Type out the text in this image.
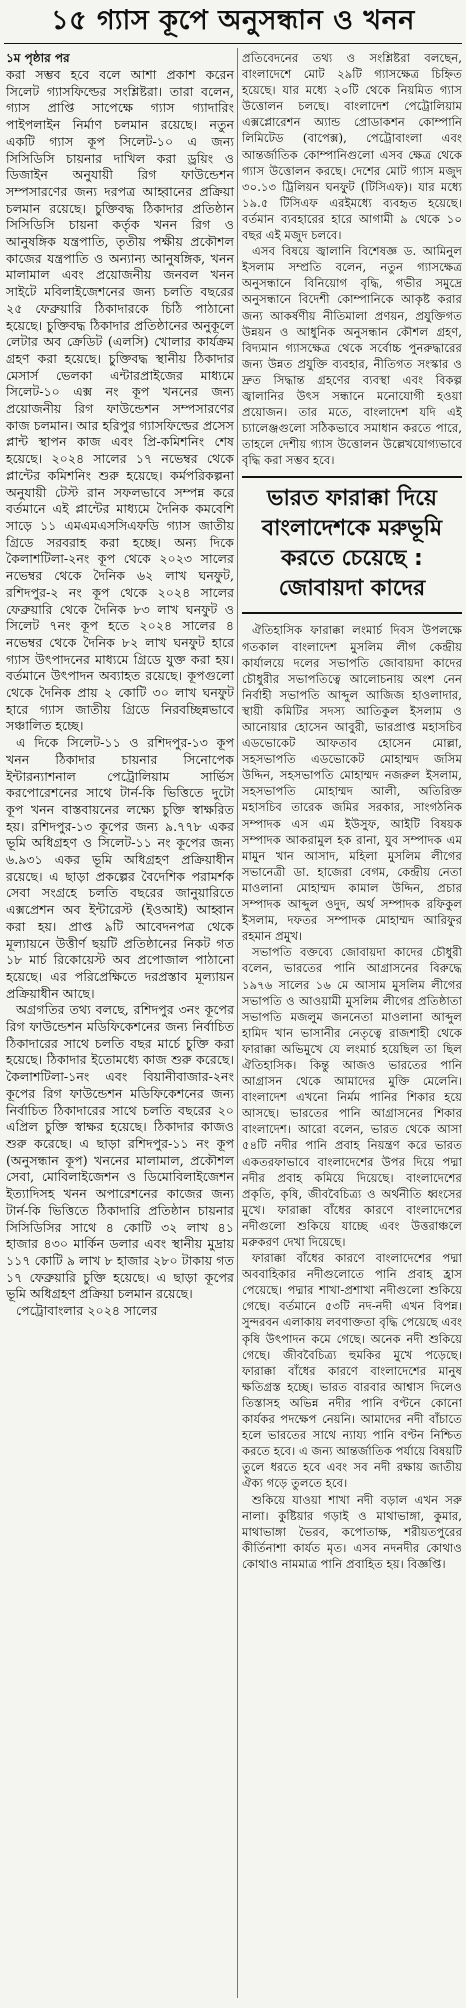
১৫ গ্যাস কূপে অনুসন্ধান ও খনন
১ম পৃষ্ঠার পর

করা সম্ভব হবে বলে আশা প্রকাশ করেন সিলেট গ্যাসফিল্ডের সংশ্লিষ্টরা। তারা বলেন, গ্যাস প্রাপ্তি সাপেক্ষে গ্যাস গ্যাদারিং পাইপলাইন নির্মাণ চলমান রয়েছে। নতুন একটি গ্যাস কূপ সিলেট-১০ এ জন্য সিসিডিসি চায়নার দাখিল করা ড্রয়িং ও ডিজাইন অনুযায়ী রিগ ফাউন্ডেশন সম্পসারণের জন্য দরপত্র আহ্বানের প্রক্রিয়া চলমান রয়েছে। চুক্তিবদ্ধ ঠিকাদার প্রতিষ্ঠান সিসিডিসি চায়না কর্তৃক খনন রিগ ও আনুষঙ্গিক যন্ত্রপাতি, তৃতীয় পক্ষীয় প্রকৌশল কাজের যন্ত্রপাতি ও অন্যান্য আনুষঙ্গিক, খনন মালামাল এবং প্রয়োজনীয় জনবল খনন সাইটে মবিলাইজেশনের জন্য চলতি বছরের ২৫ ফেব্রুয়ারি ঠিকাদারকে চিঠি পাঠানো হয়েছে। চুক্তিবদ্ধ ঠিকাদার প্রতিষ্ঠানের অনুকূলে লেটার অব ক্রেডিট (এলসি) খোলার কার্যক্রম গ্রহণ করা হয়েছে। চুক্তিবদ্ধ স্থানীয় ঠিকাদার মেসার্স ভেলকা এন্টারপ্রাইজের মাধ্যমে সিলেট-১০ এক্স নং কূপ খননের জন্য প্রয়োজনীয় রিগ ফাউন্ডেশন সম্পসারণের কাজ চলমান। আর হরিপুর গ্যাসফিল্ডের প্রসেস প্লান্ট স্থাপন কাজ এবং প্রি-কমিশনিং শেষ হয়েছে। ২০২৪ সালের ১৭ নভেম্বর থেকে প্লান্টের কমিশনিং শুরু হয়েছে। কর্মপরিকল্পনা অনুযায়ী টেস্ট রান সফলভাবে সম্পন্ন করে বর্তমানে এই প্লান্টের মাধ্যমে দৈনিক কমবেশি সাড়ে ১১ এমএমএসসিএফডি গ্যাস জাতীয় গ্রিডে সরবরাহ করা হচ্ছে। অন্য দিকে কৈলাশটিলা-২নং কূপ থেকে ২০২৩ সালের নভেম্বর থেকে দৈনিক ৬২ লাখ ঘনফুট, রশিদপুর-২ নং কূপ থেকে ২০২৪ সালের ফেব্রুয়ারি থেকে দৈনিক ৮৩ লাখ ঘনফুট ও সিলেট ৭নং কূপ হতে ২০২৪ সালের ৪ নভেম্বর থেকে দৈনিক ৮২ লাখ ঘনফুট হারে গ্যাস উৎপাদনের মাধ্যমে গ্রিডে যুক্ত করা হয়। বর্তমানে উৎপাদন অব্যাহত রয়েছে। কূপগুলো থেকে দৈনিক প্রায় ২ কোটি ৩০ লাখ ঘনফুট হারে গ্যাস জাতীয় গ্রিডে নিরবচ্ছিন্নভাবে সঞ্চালিত হচ্ছে।

এ দিকে সিলেট-১১ ও রশিদপুর-১৩ কূপ খনন ঠিকাদার চায়নার সিনোপেক ইন্টারন্যাশনাল পেট্রোলিয়াম সার্ভিস করপোরেশনের সাথে টার্ন-কি ভিত্তিতে দুটো কূপ খনন বাস্তবায়নের লক্ষ্যে চুক্তি স্বাক্ষরিত হয়। রশিদপুর-১৩ কূপের জন্য ৯.৭৭৮ একর ভূমি অধিগ্রহণ ও সিলেট-১১ নং কূপের জন্য ৬.৯৩১ একর ভূমি অধিগ্রহণ প্রক্রিয়াধীন রয়েছে। এ ছাড়া প্রকল্পের বৈদেশিক পরামর্শক সেবা সংগ্রহে চলতি বছরের জানুয়ারিতে এক্সপ্রেশন অব ইন্টারেস্ট (ইওআই) আহ্বান করা হয়। প্রাপ্ত ৯টি আবেদনপত্র থেকে মূল্যায়নে উত্তীর্ণ ছয়টি প্রতিষ্ঠানের নিকট গত ১৮ মার্চ রিকোয়েস্ট অব প্রপোজাল পাঠানো হয়েছে। এর পরিপ্রেক্ষিতে দরপ্রস্তাব মূল্যায়ন প্রক্রিয়াধীন আছে।

অগ্রগতির তথ্য বলছে, রশিদপুর ৩নং কূপের রিগ ফাউন্ডেশন মডিফিকেশনের জন্য নির্বাচিত ঠিকাদারের সাথে চলতি বছর মার্চে চুক্তি করা হয়েছে। ঠিকাদার ইতোমধ্যে কাজ শুরু করেছে। কৈলাশটিলা-১নং এবং বিয়ানীবাজার-২নং কূপের রিগ ফাউন্ডেশন মডিফিকেশনের জন্য নির্বাচিত ঠিকাদারের সাথে চলতি বছরের ২০ এপ্রিল চুক্তি স্বাক্ষর হয়েছে। ঠিকাদার কাজও শুরু করেছে। এ ছাড়া রশিদপুর-১১ নং কূপ (অনুসন্ধান কূপ) খননের মালামাল, প্রকৌশল সেবা, মোবিলাইজেশন ও ডিমোবিলাইজেশন ইত্যাদিসহ খনন অপারেশনের কাজের জন্য টার্ন-কি ভিত্তিতে ঠিকাদারি প্রতিষ্ঠান চায়নার সিসিডিসির সাথে ৪ কোটি ৩২ লাখ ৪১ হাজার ৪৩০ মার্কিন ডলার এবং স্থানীয় মুদ্রায় ১১৭ কোটি ৯ লাখ ৮ হাজার ২৮০ টাকায় গত ১৭ ফেব্রুয়ারি চুক্তি হয়েছে। এ ছাড়া কূপের ভূমি অধিগ্রহণ প্রক্রিয়া চলমান রয়েছে।

পেট্রোবাংলার ২০২৪ সালের

প্রতিবেদনের তথ্য ও সংশ্লিষ্টরা বলছেন, বাংলাদেশে মোট ২৯টি গ্যাসক্ষেত্র চিহ্নিত হয়েছে। যার মধ্যে ২০টি থেকে নিয়মিত গ্যাস উত্তোলন চলছে। বাংলাদেশ পেট্রোলিয়াম এক্সপ্লোরেশন অ্যান্ড প্রোডাকশন কোম্পানি লিমিটেড (বাপেক্স), পেট্রোবাংলা এবং আন্তর্জাতিক কোম্পানিগুলো এসব ক্ষেত্র থেকে গ্যাস উত্তোলন করছে। দেশের মোট গ্যাস মজুদ ৩০.১৩ ট্রিলিয়ন ঘনফুট (টিসিএফ)। যার মধ্যে ১৯.৫ টিসিএফ এরইমধ্যে ব্যবহৃত হয়েছে। বর্তমান ব্যবহারের হারে আগামী ৯ থেকে ১০ বছর এই মজুদ চলবে।

এসব বিষয়ে জ্বালানি বিশেষজ্ঞ ড. আমিনুল ইসলাম সম্প্রতি বলেন, নতুন গ্যাসক্ষেত্র অনুসন্ধানে বিনিয়োগ বৃদ্ধি, গভীর সমুদ্রে অনুসন্ধানে বিদেশী কোম্পানিকে আকৃষ্ট করার জন্য আকর্ষণীয় নীতিমালা প্রণয়ন, প্রযুক্তিগত উন্নয়ন ও আধুনিক অনুসন্ধান কৌশল গ্রহণ, বিদ্যমান গ্যাসক্ষেত্র থেকে সর্বোচ্চ পুনরুদ্ধারের জন্য উন্নত প্রযুক্তি ব্যবহার, নীতিগত সংস্কার ও দ্রুত সিদ্ধান্ত গ্রহণের ব্যবস্থা এবং বিকল্প জ্বালানির উৎস সন্ধানে মনোযোগী হওয়া প্রয়োজন। তার মতে, বাংলাদেশ যদি এই চ্যালেঞ্জগুলো সঠিকভাবে সমাধান করতে পারে, তাহলে দেশীয় গ্যাস উত্তোলন উল্লেখযোগ্যভাবে বৃদ্ধি করা সম্ভব হবে।

ভারত ফারাক্কা দিয়ে বাংলাদেশকে মরুভূমি করতে চেয়েছে : জোবায়দা কাদের

ঐতিহাসিক ফারাক্কা লংমার্চ দিবস উপলক্ষে গতকাল বাংলাদেশ মুসলিম লীগ কেন্দ্রীয় কার্যালয়ে দলের সভাপতি জোবায়দা কাদের চৌধুরীর সভাপতিত্বে আলোচনায় অংশ নেন নির্বাহী সভাপতি আব্দুল আজিজ হাওলাদার, স্থায়ী কমিটির সদস্য আতিকুল ইসলাম ও আনোয়ার হোসেন আবুরী, ভারপ্রাপ্ত মহাসচিব এডভোকেট আফতাব হোসেন মোল্লা, সহসভাপতি এডভোকেট মোহাম্মদ জসিম উদ্দিন, সহসভাপতি মোহাম্মদ নজরুল ইসলাম, সহসভাপতি মোহাম্মদ আলী, অতিরিক্ত মহাসচিব তারেক জমির সরকার, সাংগঠনিক সম্পাদক এস এম ইউসুফ, আইটি বিষয়ক সম্পাদক আকরামুল হক রানা, যুব সম্পাদক এম মামুন খান আসাদ, মহিলা মুসলিম লীগের সভানেত্রী ডা. হাজেরা বেগম, কেন্দ্রীয় নেতা মাওলানা মোহাম্মদ কামাল উদ্দিন, প্রচার সম্পাদক আব্দুল ওদুদ, অর্থ সম্পাদক রফিকুল ইসলাম, দফতর সম্পাদক মোহাম্মদ আরিফুর রহমান প্রমুখ।

সভাপতি বক্তব্যে জোবায়দা কাদের চৌধুরী বলেন, ভারতের পানি আগ্রাসনের বিরুদ্ধে ১৯৭৬ সালের ১৬ মে আসাম মুসলিম লীগের সভাপতি ও আওয়ামী মুসলিম লীগের প্রতিষ্ঠাতা সভাপতি মজলুম জননেতা মাওলানা আব্দুল হামিদ খান ভাসানীর নেতৃত্বে রাজশাহী থেকে ফারাক্কা অভিমুখে যে লংমার্চ হয়েছিল তা ছিল ঐতিহাসিক। কিন্তু আজও ভারতের পানি আগ্রাসন থেকে আমাদের মুক্তি মেলেনি। বাংলাদেশ এখনো নির্মম পানির শিকার হয়ে আসছে। ভারতের পানি আগ্রাসনের শিকার বাংলাদেশ। আরো বলেন, ভারত থেকে আসা ৫৪টি নদীর পানি প্রবাহ নিয়ন্ত্রণ করে ভারত একতরফাভাবে বাংলাদেশের উপর দিয়ে পদ্মা নদীর প্রবাহ কমিয়ে দিয়েছে। বাংলাদেশের প্রকৃতি, কৃষি, জীববৈচিত্র্য ও অর্থনীতি ধ্বংসের মুখে। ফারাক্কা বাঁধের কারণে বাংলাদেশের নদীগুলো শুকিয়ে যাচ্ছে এবং উত্তরাঞ্চলে মরুকরণ দেখা দিয়েছে।

ফারাক্কা বাঁধের কারণে বাংলাদেশের পদ্মা অববাহিকার নদীগুলোতে পানি প্রবাহ হ্রাস পেয়েছে। পদ্মার শাখা-প্রশাখা নদীগুলো শুকিয়ে গেছে। বর্তমানে ৫৩টি নদ-নদী এখন বিপন্ন। সুন্দরবন এলাকায় লবণাক্ততা বৃদ্ধি পেয়েছে এবং কৃষি উৎপাদন কমে গেছে। অনেক নদী শুকিয়ে গেছে। জীববৈচিত্র্য হুমকির মুখে পড়েছে। ফারাক্কা বাঁধের কারণে বাংলাদেশের মানুষ ক্ষতিগ্রস্ত হচ্ছে। ভারত বারবার আশ্বাস দিলেও তিস্তাসহ অভিন্ন নদীর পানি বণ্টনে কোনো কার্যকর পদক্ষেপ নেয়নি। আমাদের নদী বাঁচাতে হলে ভারতের সাথে ন্যায্য পানি বণ্টন নিশ্চিত করতে হবে। এ জন্য আন্তর্জাতিক পর্যায়ে বিষয়টি তুলে ধরতে হবে এবং সব নদী রক্ষায় জাতীয় ঐক্য গড়ে তুলতে হবে।

শুকিয়ে যাওয়া শাখা নদী বড়াল এখন সরু নালা। কুষ্টিয়ার গড়াই ও মাথাভাঙ্গা, কুমার, মাথাভাঙ্গা ভৈরব, কপোতাক্ষ, শরীয়তপুরের কীর্তিনাশা কার্যত মৃত। এসব নদনদীর কোথাও কোথাও নামমাত্র পানি প্রবাহিত হয়। বিজ্ঞপ্তি।
